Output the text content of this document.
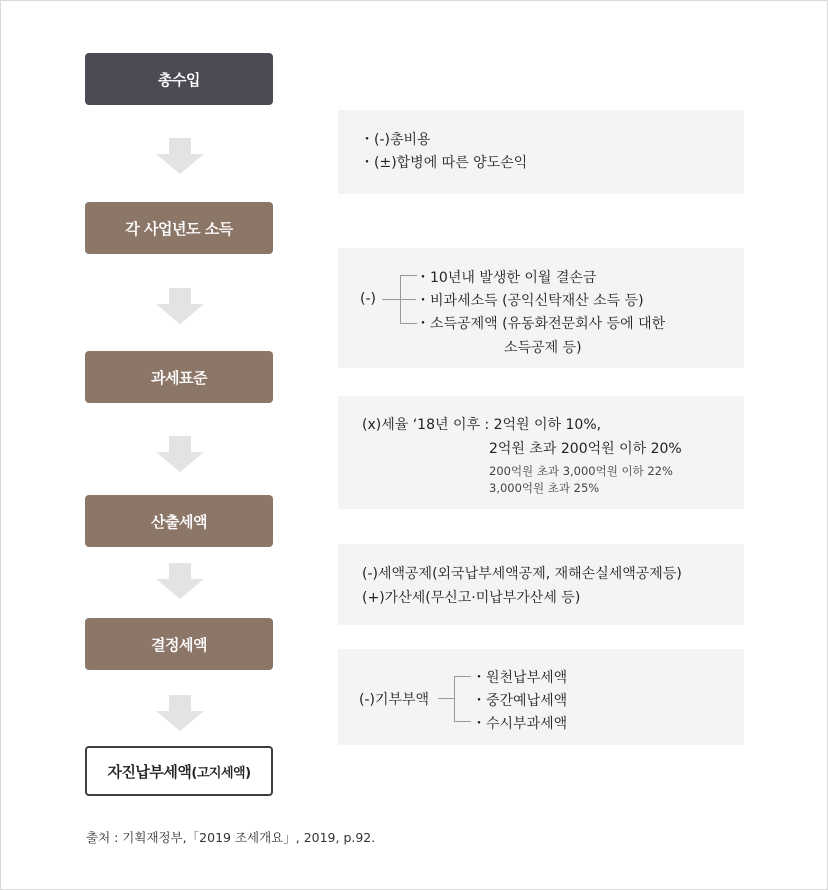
총수입
각 사업년도 소득
과세표준
산출세액
결정세액
자진납부세액 (고지세액)
・(-)총비용
・(±)합병에 따른 양도손익
(-)
・10년내 발생한 이월 결손금
・비과세소득 (공익신탁재산 소득 등)
・소득공제액 (유동화전문회사 등에 대한
소득공제 등)
(x)세율 ‘18년 이후 : 2억원 이하 10%,
2억원 초과 200억원 이하 20%
200억원 초과 3,000억원 이하 22%
3,000억원 초과 25%
(-)세액공제(외국납부세액공제, 재해손실세액공제등)
(+)가산세(무신고·미납부가산세 등)
(-)기부부액
・원천납부세액
・중간예납세액
・수시부과세액
출처 : 기획재정부,「2019 조세개요」, 2019, p.92.
